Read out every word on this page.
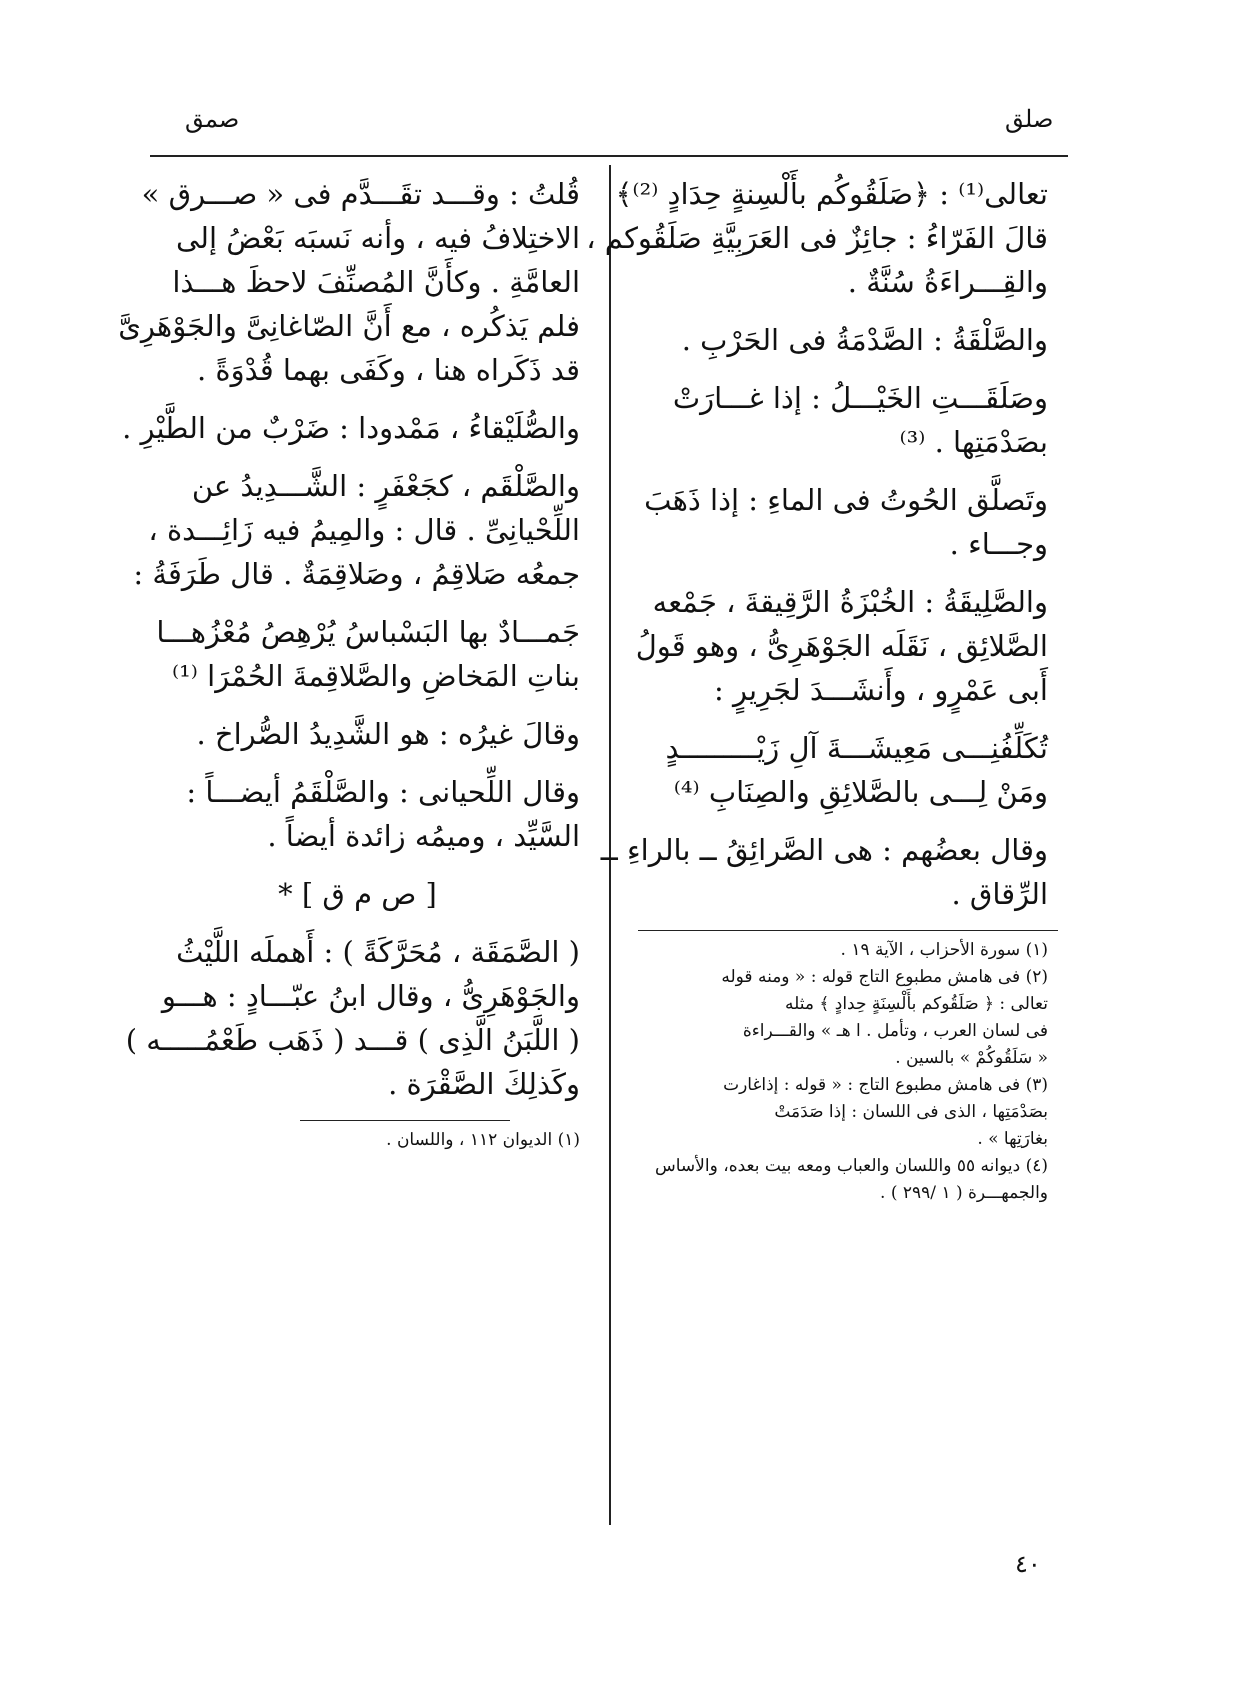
صلق
صمق
تعالى⁽¹⁾ : ﴿صَلَقُوكُم بأَلْسِنةٍ حِدَادٍ ⁽²⁾﴾
قالَ الفَرّاءُ : جائِزٌ فى العَرَبِيَّةِ صَلَقُوكم ،
والقِـــراءَةُ سُنَّةٌ .
والصَّلْقَةُ : الصَّدْمَةُ فى الحَرْبِ .
وصَلَقَـــتِ الخَيْـــلُ : إذا غـــارَتْ
بصَدْمَتِها . ⁽³⁾
وتَصلَّق الحُوتُ فى الماءِ : إذا ذَهَبَ
وجـــاء .
والصَّلِيقَةُ : الخُبْزَةُ الرَّقِيقةَ ، جَمْعه
الصَّلائِق ، نَقَلَه الجَوْهَرِىُّ ، وهو قَولُ
أَبى عَمْرٍو ، وأَنشَـــدَ لجَرِيرٍ :
تُكَلِّفُنِـــى مَعِيشَـــةَ آلِ زَيْـــــــــدٍ
ومَنْ لِـــى بالصَّلائِقِ والصِنَابِ ⁽⁴⁾
وقال بعضُهم : هى الصَّرائِقُ ــ بالراءِ ــ
الرِّقاق .
(١) سورة الأحزاب ، الآية ١٩ .
(٢) فى هامش مطبوع التاج قوله : « ومنه قوله
تعالى : ﴿ صَلَقُوكم بأَلْسِنَةٍ حِدادٍ ﴾ مثله
فى لسان العرب ، وتأمل . ا هـ » والقـــراءة
« سَلَقُوكُمْ » بالسين .
(٣) فى هامش مطبوع التاج : « قوله : إذاغارت
بصَدْمَتِها ، الذى فى اللسان : إذا صَدَمَتْ
بغارَتِها » .
(٤) ديوانه ٥٥ واللسان والعباب ومعه بيت بعده، والأساس
والجمهـــرة ( ١ /٢٩٩ ) .
قُلتُ : وقـــد تقَـــدَّم فى « صـــرق »
الاختِلافُ فيه ، وأنه نَسبَه بَعْضُ إلى
العامَّةِ . وكأَنَّ المُصنِّفَ لاحظَ هـــذا
فلم يَذكُره ، مع أَنَّ الصّاغانِىَّ والجَوْهَرِىَّ
قد ذَكَراه هنا ، وكَفَى بهما قُدْوَةً .
والصُّلَيْقاءُ ، مَمْدودا : ضَرْبٌ من الطَّيْرِ .
والصَّلْقَم ، كجَعْفَرٍ : الشَّـــدِيدُ عن
اللِّحْيانِىِّ . قال : والمِيمُ فيه زَائِـــدة ،
جمعُه صَلاقِمُ ، وصَلاقِمَةٌ . قال طَرَفَةُ :
جَمـــادٌ بها البَسْباسُ يُرْهِصُ مُعْزُهـــا
بناتِ المَخاضِ والصَّلاقِمةَ الحُمْرَا ⁽¹⁾
وقالَ غيرُه : هو الشَّدِيدُ الصُّراخ .
وقال اللِّحيانى : والصَّلْقَمُ أيضـــاً :
السَّيِّد ، وميمُه زائدة أيضاً .
[ ص م ق ] *
( الصَّمَقَة ، مُحَرَّكَةً ) : أَهملَه اللَّيْثُ
والجَوْهَرِىُّ ، وقال ابنُ عبّـــادٍ : هـــو
( اللَّبَنُ الَّذِى ) قـــد ( ذَهَب طَعْمُـــــه )
وكَذلِكَ الصَّقْرَة .
(١) الديوان ١١٢ ، واللسان .
٤٠
